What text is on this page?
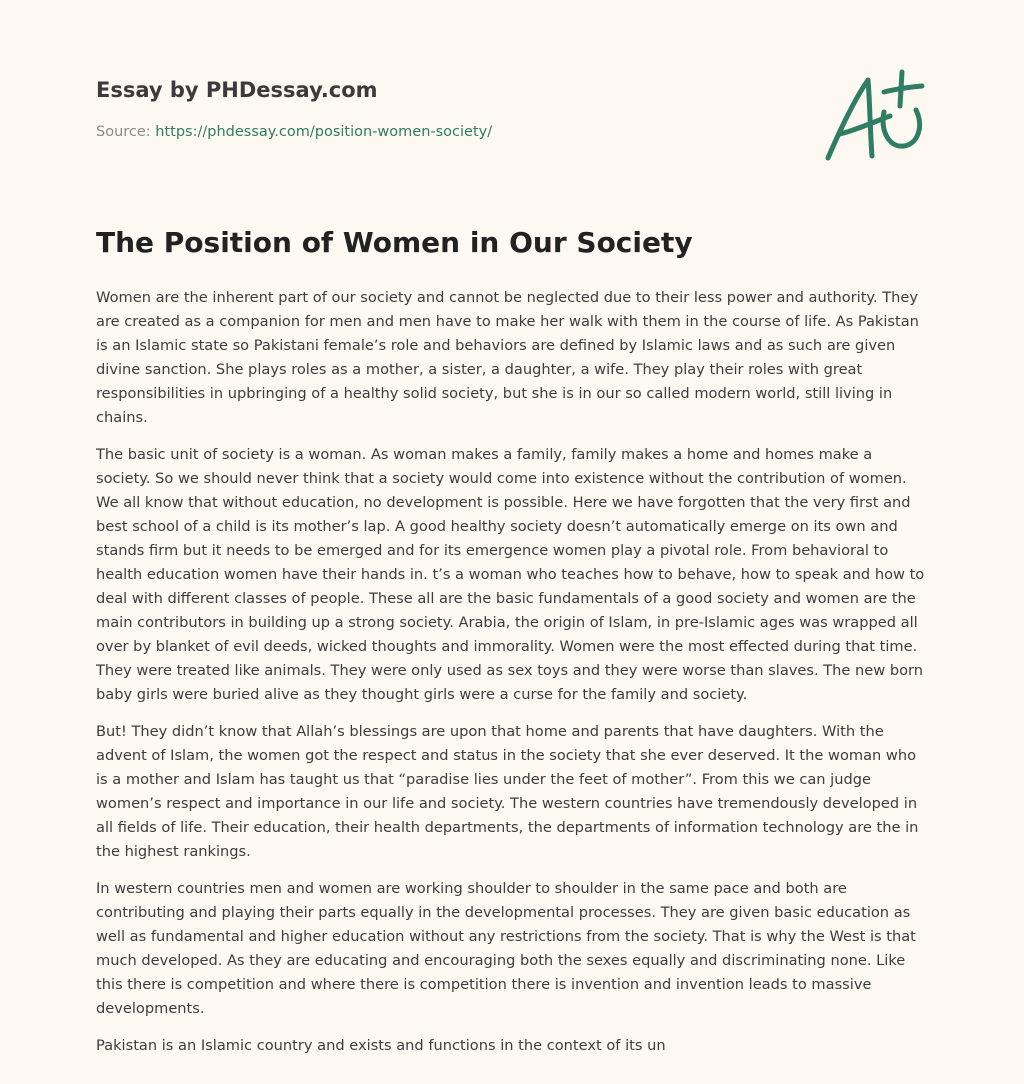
Essay by PHDessay.com

Source: https://phdessay.com/position-women-society/

The Position of Women in Our Society

Women are the inherent part of our society and cannot be neglected due to their less power and authority. They are created as a companion for men and men have to make her walk with them in the course of life. As Pakistan is an Islamic state so Pakistani female’s role and behaviors are defined by Islamic laws and as such are given divine sanction. She plays roles as a mother, a sister, a daughter, a wife. They play their roles with great responsibilities in upbringing of a healthy solid society, but she is in our so called modern world, still living in chains.

The basic unit of society is a woman. As woman makes a family, family makes a home and homes make a society. So we should never think that a society would come into existence without the contribution of women. We all know that without education, no development is possible. Here we have forgotten that the very first and best school of a child is its mother’s lap. A good healthy society doesn’t automatically emerge on its own and stands firm but it needs to be emerged and for its emergence women play a pivotal role. From behavioral to health education women have their hands in. t’s a woman who teaches how to behave, how to speak and how to deal with different classes of people. These all are the basic fundamentals of a good society and women are the main contributors in building up a strong society. Arabia, the origin of Islam, in pre-Islamic ages was wrapped all over by blanket of evil deeds, wicked thoughts and immorality. Women were the most effected during that time. They were treated like animals. They were only used as sex toys and they were worse than slaves. The new born baby girls were buried alive as they thought girls were a curse for the family and society.

But! They didn’t know that Allah’s blessings are upon that home and parents that have daughters. With the advent of Islam, the women got the respect and status in the society that she ever deserved. It the woman who is a mother and Islam has taught us that “paradise lies under the feet of mother”. From this we can judge women’s respect and importance in our life and society. The western countries have tremendously developed in all fields of life. Their education, their health departments, the departments of information technology are the in the highest rankings.

In western countries men and women are working shoulder to shoulder in the same pace and both are contributing and playing their parts equally in the developmental processes. They are given basic education as well as fundamental and higher education without any restrictions from the society. That is why the West is that much developed. As they are educating and encouraging both the sexes equally and discriminating none. Like this there is competition and where there is competition there is invention and invention leads to massive developments.

Pakistan is an Islamic country and exists and functions in the context of its un
